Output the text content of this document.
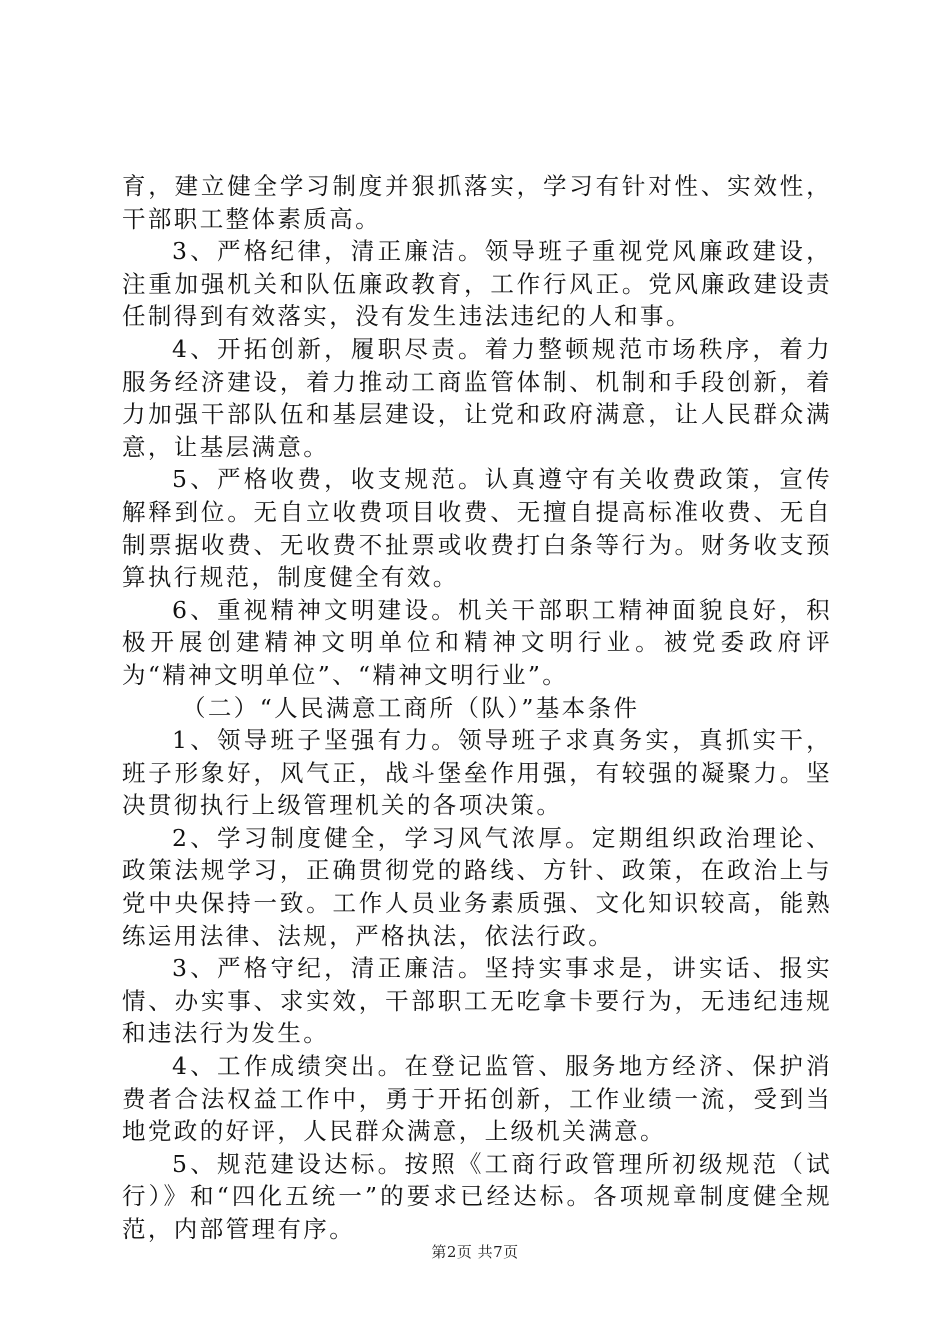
育，建立健全学习制度并狠抓落实，学习有针对性、实效性，干部职工整体素质高。

3、严格纪律，清正廉洁。领导班子重视党风廉政建设，注重加强机关和队伍廉政教育，工作行风正。党风廉政建设责任制得到有效落实，没有发生违法违纪的人和事。

4、开拓创新，履职尽责。着力整顿规范市场秩序，着力服务经济建设，着力推动工商监管体制、机制和手段创新，着力加强干部队伍和基层建设，让党和政府满意，让人民群众满意，让基层满意。

5、严格收费，收支规范。认真遵守有关收费政策，宣传解释到位。无自立收费项目收费、无擅自提高标准收费、无自制票据收费、无收费不扯票或收费打白条等行为。财务收支预算执行规范，制度健全有效。

6、重视精神文明建设。机关干部职工精神面貌良好，积极开展创建精神文明单位和精神文明行业。被党委政府评为“精神文明单位”、“精神文明行业”。

（二）“人民满意工商所（队）”基本条件

1、领导班子坚强有力。领导班子求真务实，真抓实干，班子形象好，风气正，战斗堡垒作用强，有较强的凝聚力。坚决贯彻执行上级管理机关的各项决策。

2、学习制度健全，学习风气浓厚。定期组织政治理论、政策法规学习，正确贯彻党的路线、方针、政策，在政治上与党中央保持一致。工作人员业务素质强、文化知识较高，能熟练运用法律、法规，严格执法，依法行政。

3、严格守纪，清正廉洁。坚持实事求是，讲实话、报实情、办实事、求实效，干部职工无吃拿卡要行为，无违纪违规和违法行为发生。

4、工作成绩突出。在登记监管、服务地方经济、保护消费者合法权益工作中，勇于开拓创新，工作业绩一流，受到当地党政的好评，人民群众满意，上级机关满意。

5、规范建设达标。按照《工商行政管理所初级规范（试行）》和“四化五统一”的要求已经达标。各项规章制度健全规范，内部管理有序。

第2页 共7页
